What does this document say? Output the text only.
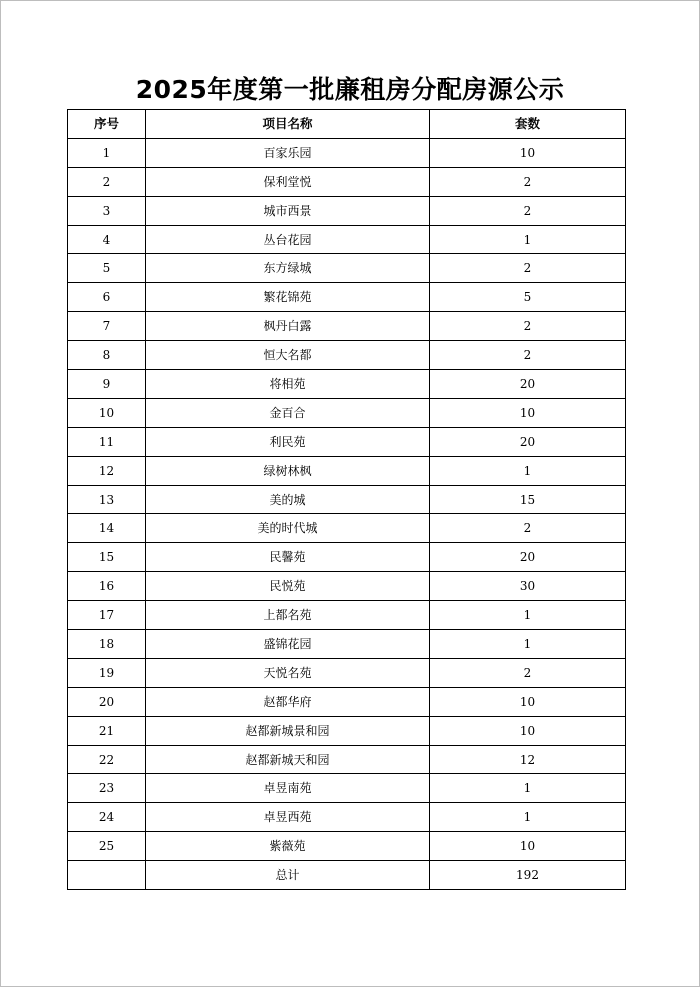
2025年度第一批廉租房分配房源公示
序号	项目名称	套数
1	百家乐园	10
2	保利堂悦	2
3	城市西景	2
4	丛台花园	1
5	东方绿城	2
6	繁花锦苑	5
7	枫丹白露	2
8	恒大名都	2
9	将相苑	20
10	金百合	10
11	利民苑	20
12	绿树林枫	1
13	美的城	15
14	美的时代城	2
15	民馨苑	20
16	民悦苑	30
17	上都名苑	1
18	盛锦花园	1
19	天悦名苑	2
20	赵都华府	10
21	赵都新城景和园	10
22	赵都新城天和园	12
23	卓昱南苑	1
24	卓昱西苑	1
25	紫薇苑	10
	总计	192
